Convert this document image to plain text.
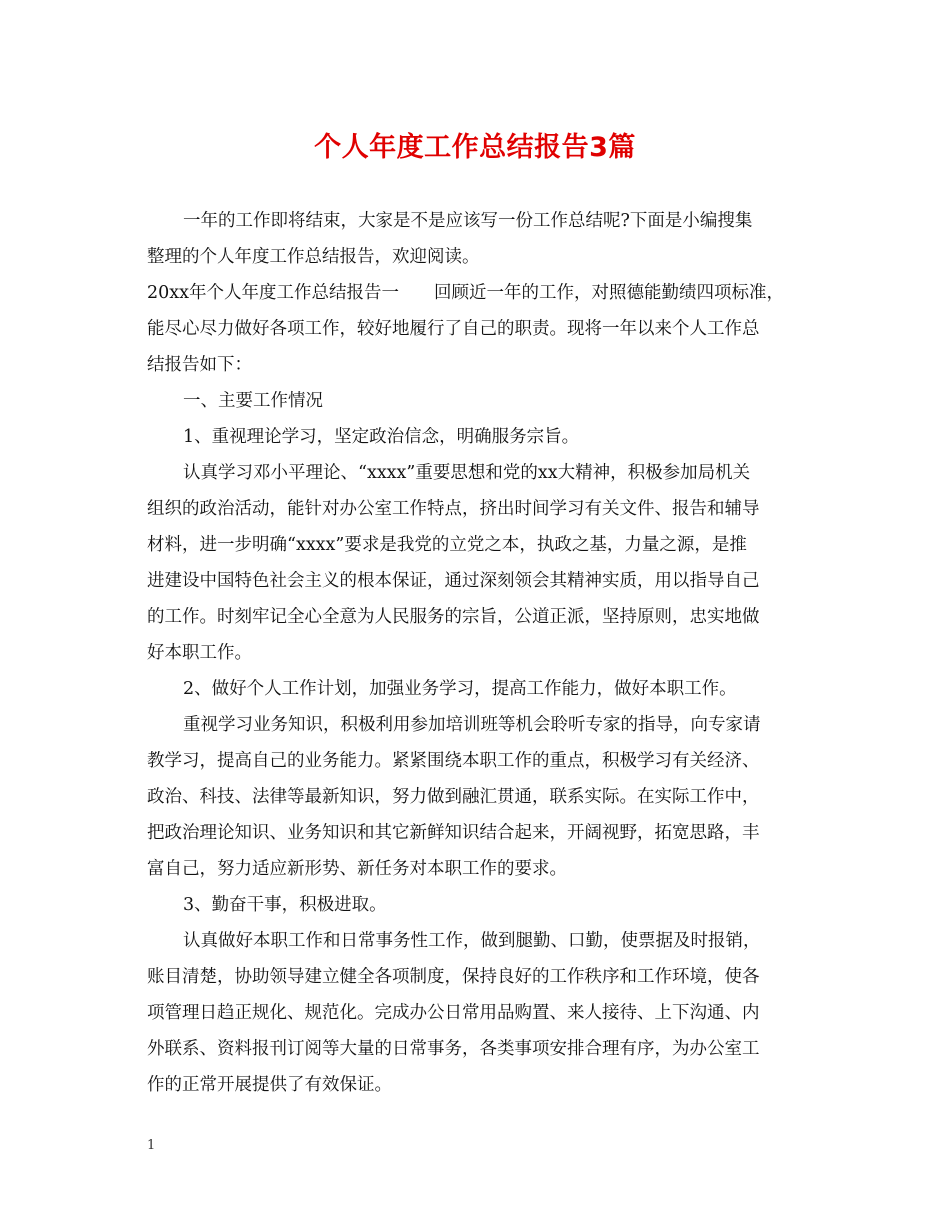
个人年度工作总结报告3篇
一年的工作即将结束，大家是不是应该写一份工作总结呢?下面是小编搜集
整理的个人年度工作总结报告，欢迎阅读。
20xx年个人年度工作总结报告一　　回顾近一年的工作，对照德能勤绩四项标准，
能尽心尽力做好各项工作，较好地履行了自己的职责。现将一年以来个人工作总
结报告如下：
一、主要工作情况
1、重视理论学习，坚定政治信念，明确服务宗旨。
认真学习邓小平理论、“xxxx”重要思想和党的xx大精神，积极参加局机关
组织的政治活动，能针对办公室工作特点，挤出时间学习有关文件、报告和辅导
材料，进一步明确“xxxx”要求是我党的立党之本，执政之基，力量之源，是推
进建设中国特色社会主义的根本保证，通过深刻领会其精神实质，用以指导自己
的工作。时刻牢记全心全意为人民服务的宗旨，公道正派，坚持原则，忠实地做
好本职工作。
2、做好个人工作计划，加强业务学习，提高工作能力，做好本职工作。
重视学习业务知识，积极利用参加培训班等机会聆听专家的指导，向专家请
教学习，提高自己的业务能力。紧紧围绕本职工作的重点，积极学习有关经济、
政治、科技、法律等最新知识，努力做到融汇贯通，联系实际。在实际工作中，
把政治理论知识、业务知识和其它新鲜知识结合起来，开阔视野，拓宽思路，丰
富自己，努力适应新形势、新任务对本职工作的要求。
3、勤奋干事，积极进取。
认真做好本职工作和日常事务性工作，做到腿勤、口勤，使票据及时报销，
账目清楚，协助领导建立健全各项制度，保持良好的工作秩序和工作环境，使各
项管理日趋正规化、规范化。完成办公日常用品购置、来人接待、上下沟通、内
外联系、资料报刊订阅等大量的日常事务，各类事项安排合理有序，为办公室工
作的正常开展提供了有效保证。
1
